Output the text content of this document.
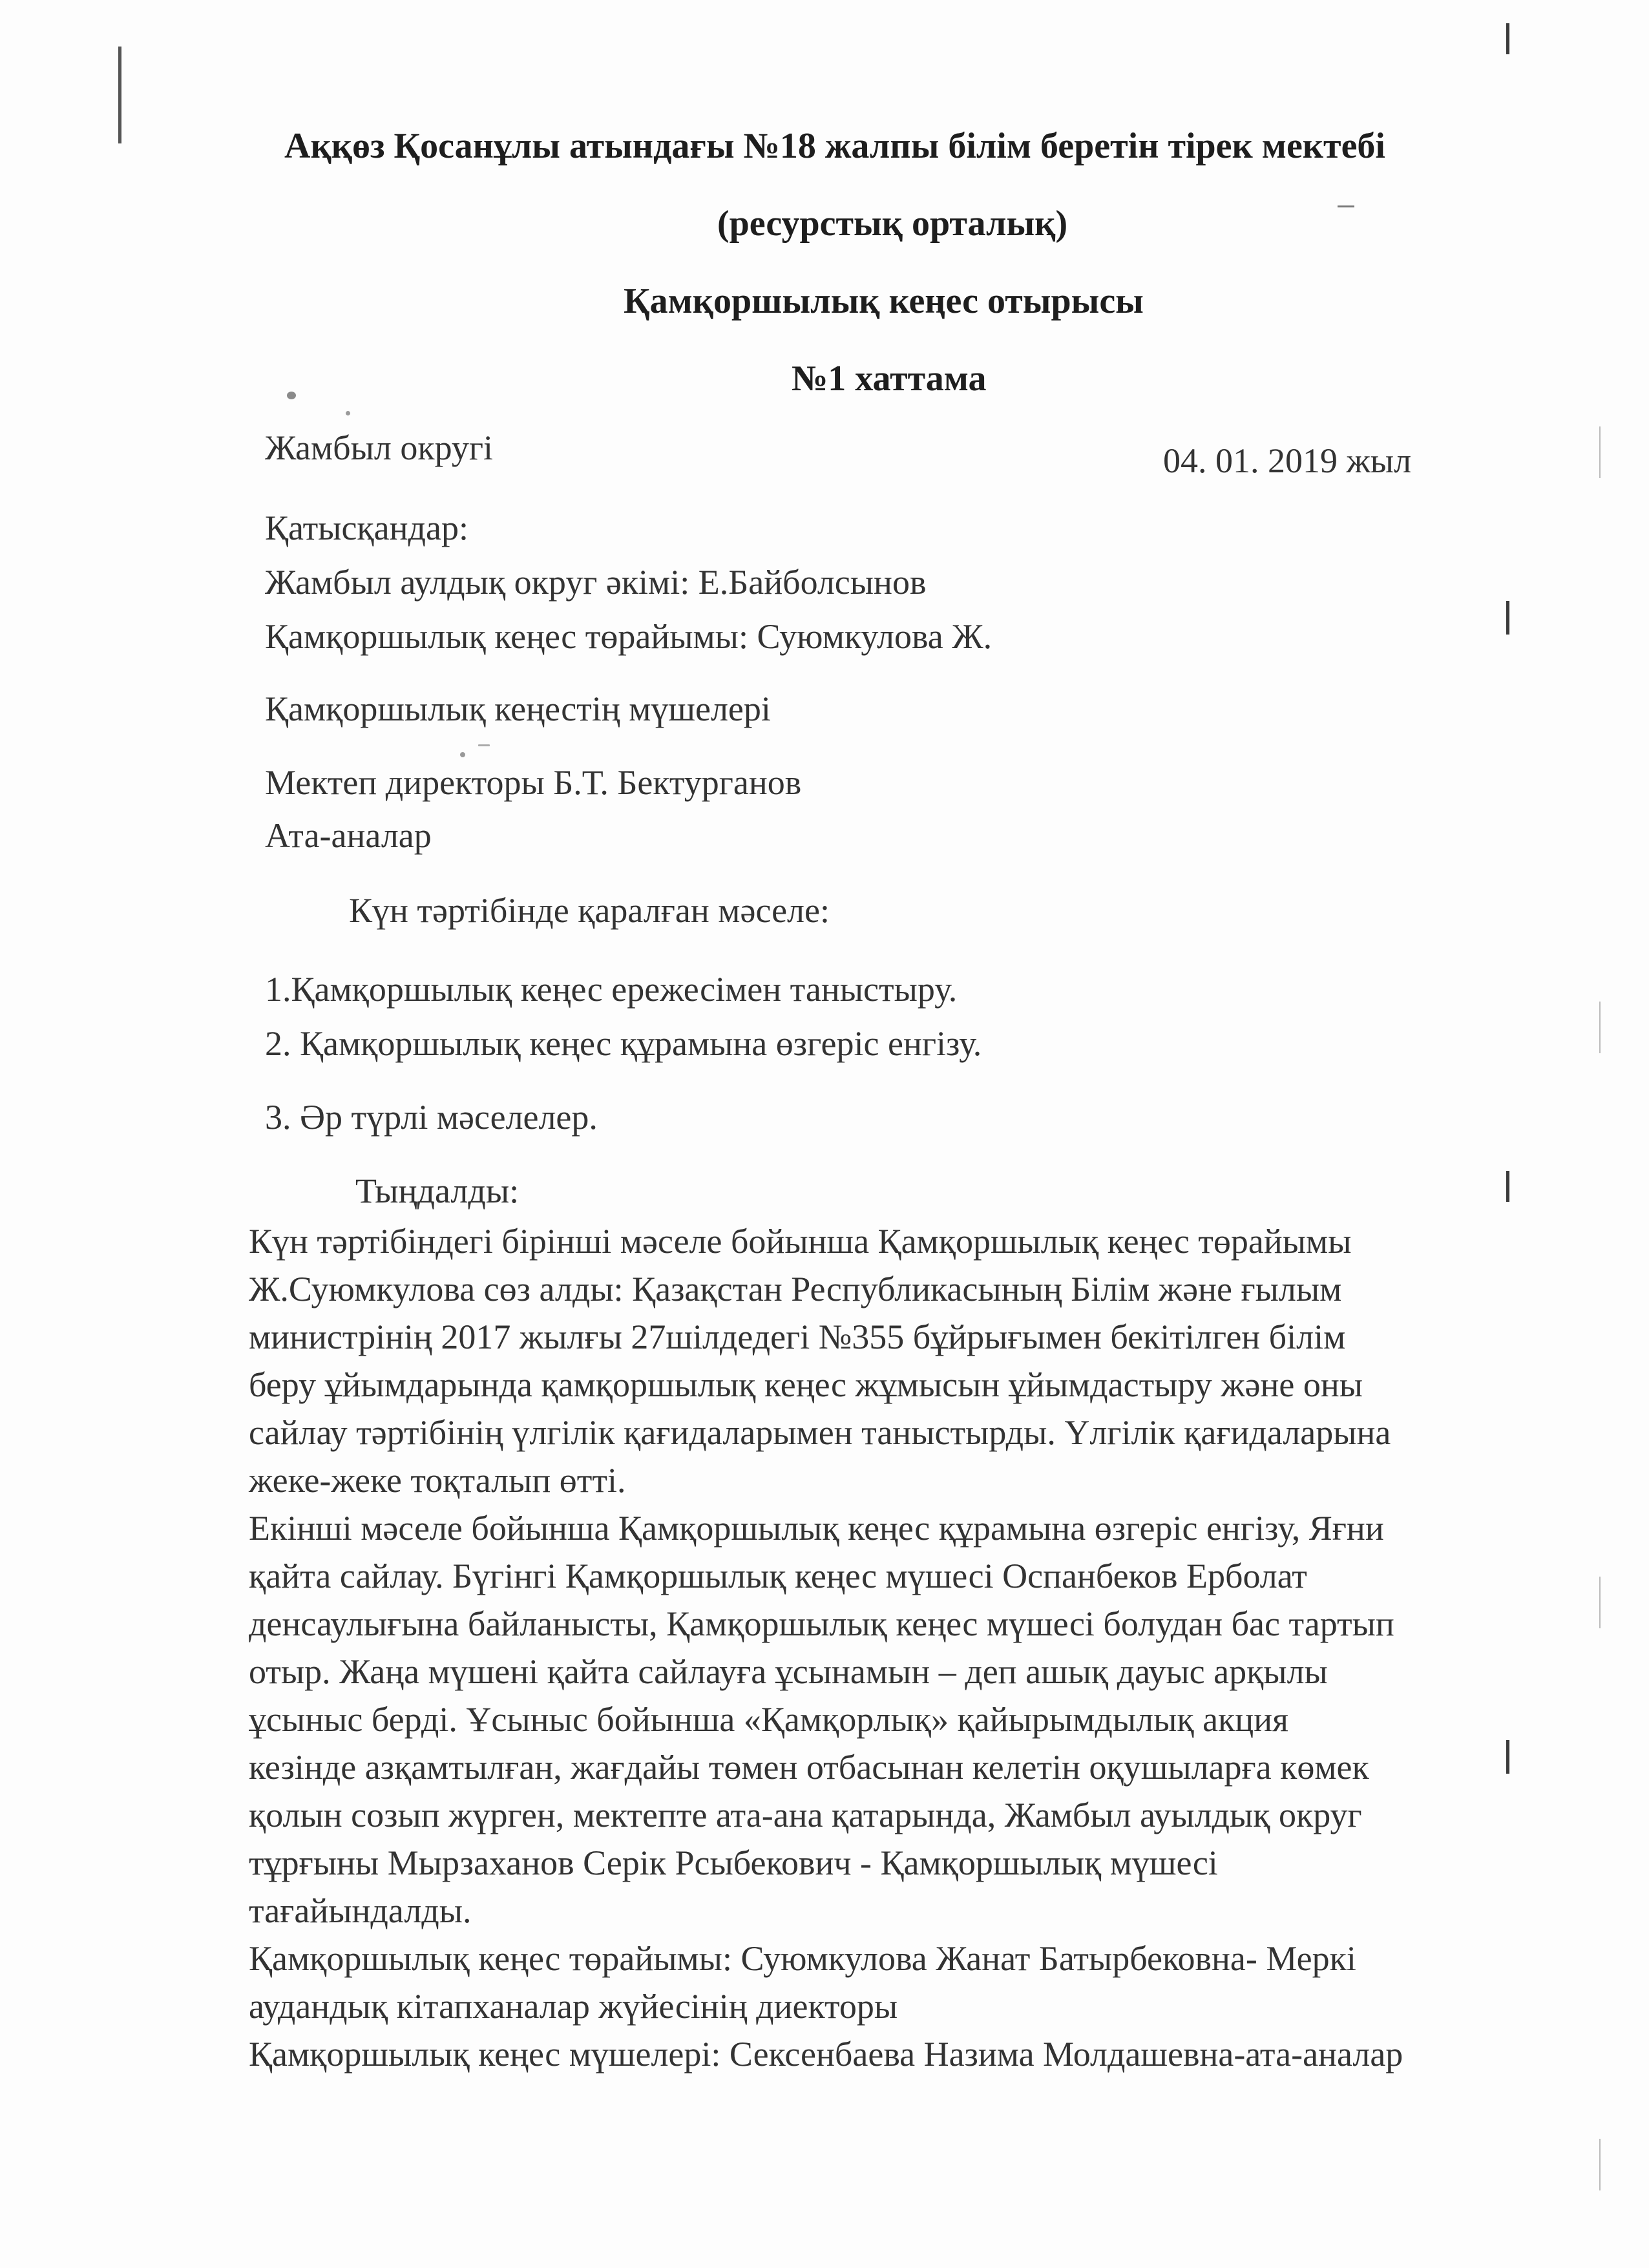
Аққөз Қосанұлы атындағы №18 жалпы білім беретін тірек мектебі
(ресурстық орталық)
Қамқоршылық кеңес отырысы
№1 хаттама
Жамбыл округі	04. 01. 2019 жыл
Қатысқандар:
Жамбыл аулдық округ әкімі: Е.Байболсынов
Қамқоршылық кеңес төрайымы: Суюмкулова Ж.
Қамқоршылық кеңестің мүшелері
Мектеп директоры Б.Т. Бектурганов
Ата-аналар
Күн тәртібінде қаралған мәселе:
1.Қамқоршылық кеңес ережесімен таныстыру.
2. Қамқоршылық кеңес құрамына өзгеріс енгізу.
3. Әр түрлі мәселелер.
Тыңдалды:
Күн тәртібіндегі бірінші мәселе бойынша Қамқоршылық кеңес төрайымы
Ж.Суюмкулова сөз алды: Қазақстан Республикасының Білім және ғылым
министрінің 2017 жылғы 27шілдедегі №355 бұйрығымен бекітілген білім
беру ұйымдарында қамқоршылық кеңес жұмысын ұйымдастыру және оны
сайлау тәртібінің үлгілік қағидаларымен таныстырды. Үлгілік қағидаларына
жеке-жеке тоқталып өтті.
Екінші мәселе бойынша Қамқоршылық кеңес құрамына өзгеріс енгізу, Яғни
қайта сайлау. Бүгінгі Қамқоршылық кеңес мүшесі Оспанбеков Ерболат
денсаулығына байланысты, Қамқоршылық кеңес мүшесі болудан бас тартып
отыр. Жаңа мүшені қайта сайлауға ұсынамын – деп ашық дауыс арқылы
ұсыныс берді. Ұсыныс бойынша «Қамқорлық» қайырымдылық акция
кезінде азқамтылған, жағдайы төмен отбасынан келетін оқушыларға көмек
қолын созып жүрген, мектепте ата-ана қатарында, Жамбыл ауылдық округ
тұрғыны Мырзаханов Серік Рсыбекович - Қамқоршылық мүшесі
тағайындалды.
Қамқоршылық кеңес төрайымы: Суюмкулова Жанат Батырбековна- Меркі
аудандық кітапханалар жүйесінің диекторы
Қамқоршылық кеңес мүшелері: Сексенбаева Назима Молдашевна-ата-аналар
